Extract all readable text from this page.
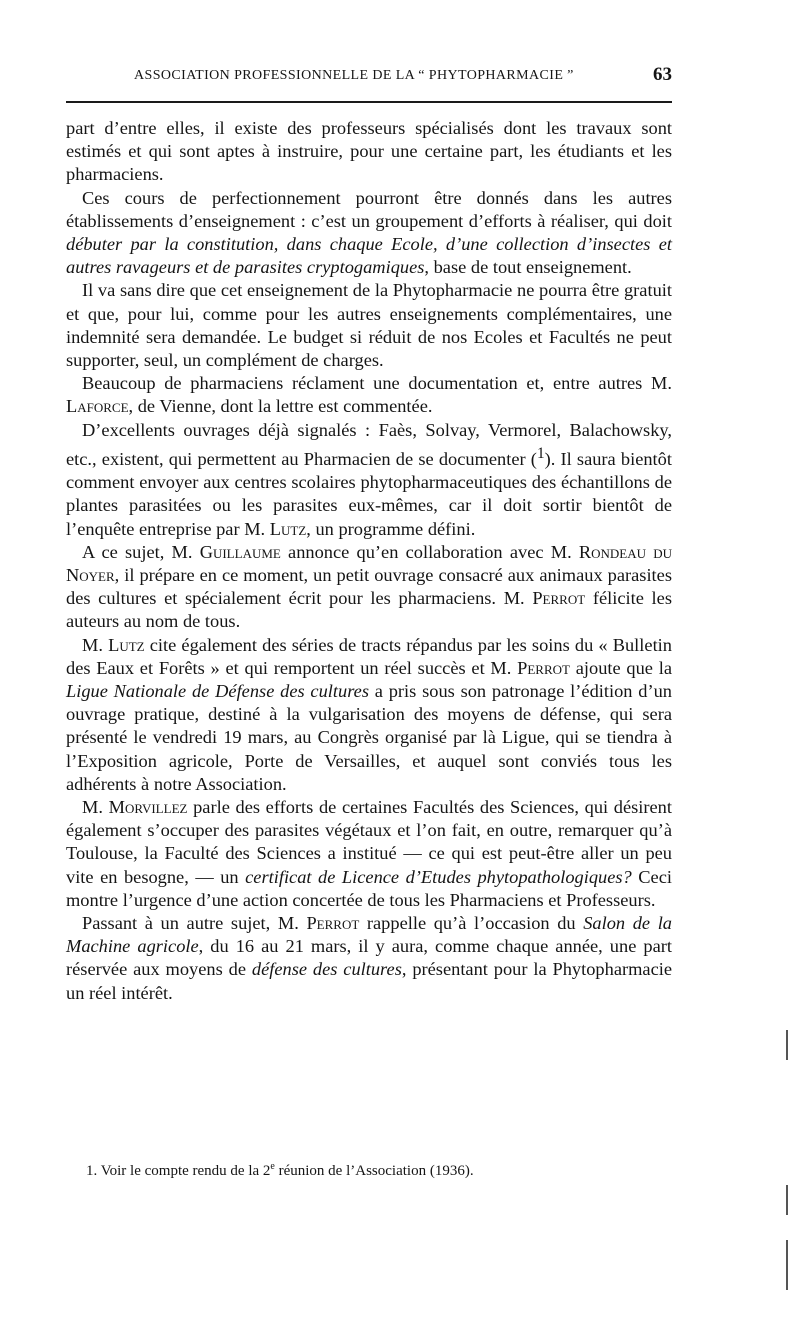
ASSOCIATION PROFESSIONNELLE DE LA “ PHYTOPHARMACIE ”	63

part d’entre elles, il existe des professeurs spécialisés dont les travaux sont estimés et qui sont aptes à instruire, pour une certaine part, les étudiants et les pharmaciens.

Ces cours de perfectionnement pourront être donnés dans les autres établissements d’enseignement : c’est un groupement d’efforts à réaliser, qui doit débuter par la constitution, dans chaque Ecole, d’une collection d’insectes et autres ravageurs et de parasites cryptogamiques, base de tout enseignement.

Il va sans dire que cet enseignement de la Phytopharmacie ne pourra être gratuit et que, pour lui, comme pour les autres enseignements complémentaires, une indemnité sera demandée. Le budget si réduit de nos Ecoles et Facultés ne peut supporter, seul, un complément de charges.

Beaucoup de pharmaciens réclament une documentation et, entre autres M. Laforce, de Vienne, dont la lettre est commentée.

D’excellents ouvrages déjà signalés : Faès, Solvay, Vermorel, Balachowsky, etc., existent, qui permettent au Pharmacien de se documenter ($^1$). Il saura bientôt comment envoyer aux centres scolaires phytopharmaceutiques des échantillons de plantes parasitées ou les parasites eux-mêmes, car il doit sortir bientôt de l’enquête entreprise par M. Lutz, un programme défini.

A ce sujet, M. Guillaume annonce qu’en collaboration avec M. Rondeau du Noyer, il prépare en ce moment, un petit ouvrage consacré aux animaux parasites des cultures et spécialement écrit pour les pharmaciens. M. Perrot félicite les auteurs au nom de tous.

M. Lutz cite également des séries de tracts répandus par les soins du « Bulletin des Eaux et Forêts » et qui remportent un réel succès et M. Perrot ajoute que la Ligue Nationale de Défense des cultures a pris sous son patronage l’édition d’un ouvrage pratique, destiné à la vulgarisation des moyens de défense, qui sera présenté le vendredi 19 mars, au Congrès organisé par là Ligue, qui se tiendra à l’Exposition agricole, Porte de Versailles, et auquel sont conviés tous les adhérents à notre Association.

M. Morvillez parle des efforts de certaines Facultés des Sciences, qui désirent également s’occuper des parasites végétaux et l’on fait, en outre, remarquer qu’à Toulouse, la Faculté des Sciences a institué — ce qui est peut-être aller un peu vite en besogne, — un certificat de Licence d’Etudes phytopathologiques? Ceci montre l’urgence d’une action concertée de tous les Pharmaciens et Professeurs.

Passant à un autre sujet, M. Perrot rappelle qu’à l’occasion du Salon de la Machine agricole, du 16 au 21 mars, il y aura, comme chaque année, une part réservée aux moyens de défense des cultures, présentant pour la Phytopharmacie un réel intérêt.

1. Voir le compte rendu de la 2e réunion de l’Association (1936).
